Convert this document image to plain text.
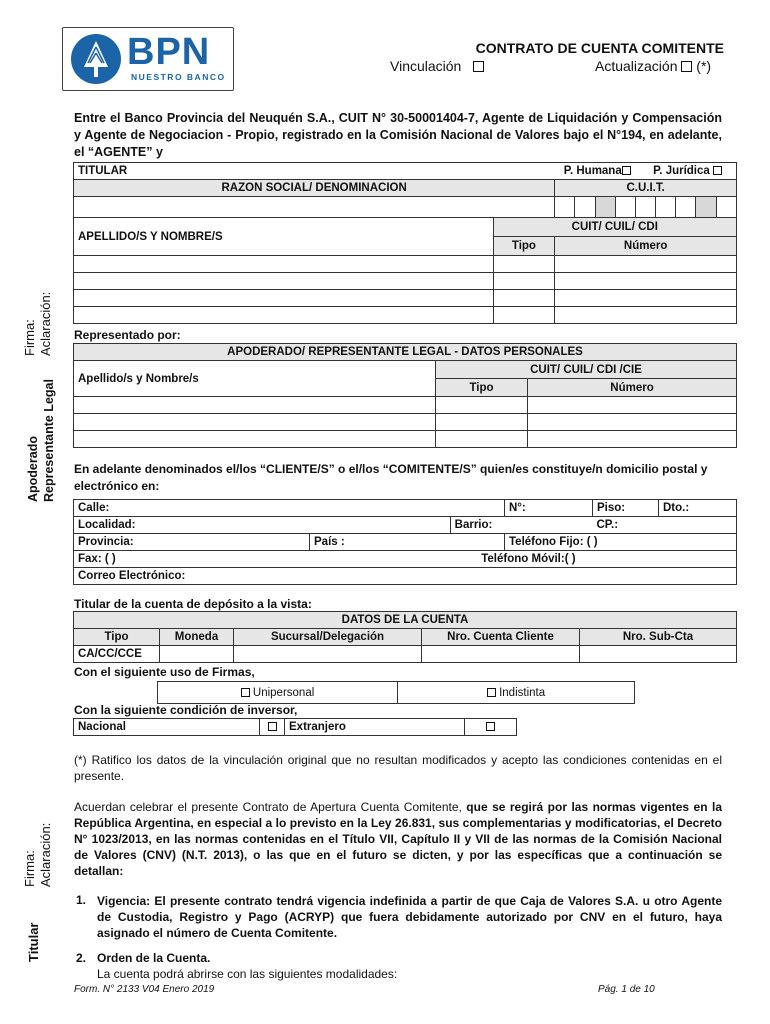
BPN
NUESTRO BANCO
CONTRATO DE CUENTA COMITENTE
Vinculación	Actualización (*)
Entre el Banco Provincia del Neuquén S.A., CUIT N° 30-50001404-7, Agente de Liquidación y Compensación y Agente de Negociacion - Propio, registrado en la Comisión Nacional de Valores bajo el N°194, en adelante, el “AGENTE” y
TITULAR		P. Humana P. Jurídica								
RAZON SOCIAL/ DENOMINACION		C.U.I.T.								

APELLIDO/S Y NOMBRE/S	CUIT/ CUIL/ CDI									
	Tipo	Número								

Representado por:
APODERADO/ REPRESENTANTE LEGAL - DATOS PERSONALES		
Apellido/s y Nombre/s	CUIT/ CUIL/ CDI /CIE	
	Tipo	Número

En adelante denominados el/los “CLIENTE/S” o el/los “COMITENTE/S” quien/es constituye/n domicilio postal y electrónico en:
Calle:				N°:	Piso:	Dto.:
Localidad:		Barrio:			CP.:	
Provincia:	País :			Teléfono Fijo: ( )		
Fax: ( )			Teléfono Móvil:( )			
Correo Electrónico:						
Titular de la cuenta de depósito a la vista:
DATOS DE LA CUENTA				
Tipo	Moneda	Sucursal/Delegación	Nro. Cuenta Cliente	Nro. Sub-Cta
CA/CC/CCE				
Con el siguiente uso de Firmas,
Unipersonal	Indistinta
Con la siguiente condición de inversor,
Nacional		Extranjero	
(*) Ratifico los datos de la vinculación original que no resultan modificados y acepto las condiciones contenidas en el presente.
Acuerdan celebrar el presente Contrato de Apertura Cuenta Comitente, que se regirá por las normas vigentes en la República Argentina, en especial a lo previsto en la Ley 26.831, sus complementarias y modificatorias, el Decreto N° 1023/2013, en las normas contenidas en el Título VII, Capítulo II y VII de las normas de la Comisión Nacional de Valores (CNV) (N.T. 2013), o las que en el futuro se dicten, y por las específicas que a continuación se detallan:
1. Vigencia: El presente contrato tendrá vigencia indefinida a partir de que Caja de Valores S.A. u otro Agente de Custodia, Registro y Pago (ACRYP) que fuera debidamente autorizado por CNV en el futuro, haya asignado el número de Cuenta Comitente.
2. Orden de la Cuenta.
La cuenta podrá abrirse con las siguientes modalidades:
Form. N° 2133 V04 Enero 2019	Pág. 1 de 10
Firma: Aclaración:
Apoderado Representante Legal
Firma: Aclaración:
Titular
